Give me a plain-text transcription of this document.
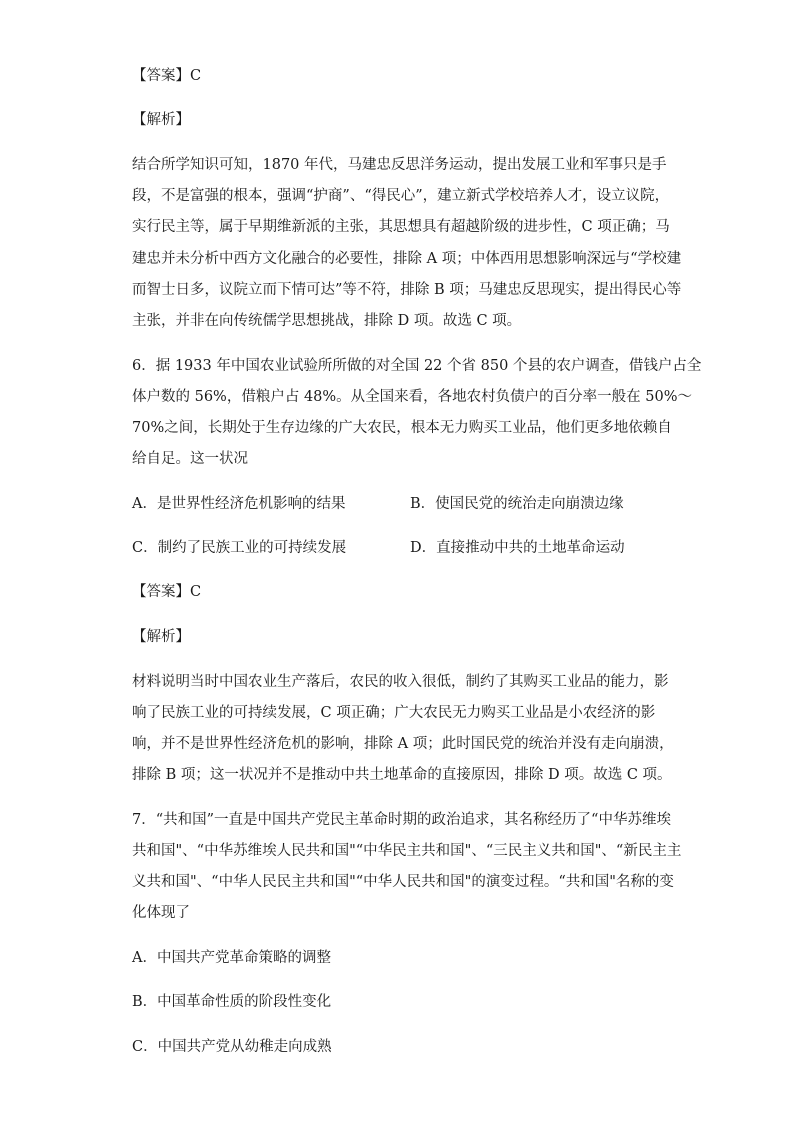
【答案】C
【解析】
结合所学知识可知，1870 年代，马建忠反思洋务运动，提出发展工业和军事只是手
段，不是富强的根本，强调“护商”、“得民心”，建立新式学校培养人才，设立议院，
实行民主等，属于早期维新派的主张，其思想具有超越阶级的进步性，C 项正确；马
建忠并未分析中西方文化融合的必要性，排除 A 项；中体西用思想影响深远与“学校建
而智士日多，议院立而下情可达”等不符，排除 B 项；马建忠反思现实，提出得民心等
主张，并非在向传统儒学思想挑战，排除 D 项。故选 C 项。
6．据 1933 年中国农业试验所所做的对全国 22 个省 850 个县的农户调查，借钱户占全
体户数的 56%，借粮户占 48%。从全国来看，各地农村负债户的百分率一般在 50%～
70%之间，长期处于生存边缘的广大农民，根本无力购买工业品，他们更多地依赖自
给自足。这一状况
A．是世界性经济危机影响的结果	B．使国民党的统治走向崩溃边缘
C．制约了民族工业的可持续发展	D．直接推动中共的土地革命运动
【答案】C
【解析】
材料说明当时中国农业生产落后，农民的收入很低，制约了其购买工业品的能力，影
响了民族工业的可持续发展，C 项正确；广大农民无力购买工业品是小农经济的影
响，并不是世界性经济危机的影响，排除 A 项；此时国民党的统治并没有走向崩溃，
排除 B 项；这一状况并不是推动中共土地革命的直接原因，排除 D 项。故选 C 项。
7．“共和国”一直是中国共产党民主革命时期的政治追求，其名称经历了“中华苏维埃
共和国"、“中华苏维埃人民共和国"“中华民主共和国"、“三民主义共和国"、“新民主主
义共和国"、“中华人民民主共和国"“中华人民共和国"的演变过程。“共和国"名称的变
化体现了
A．中国共产党革命策略的调整
B．中国革命性质的阶段性变化
C．中国共产党从幼稚走向成熟
